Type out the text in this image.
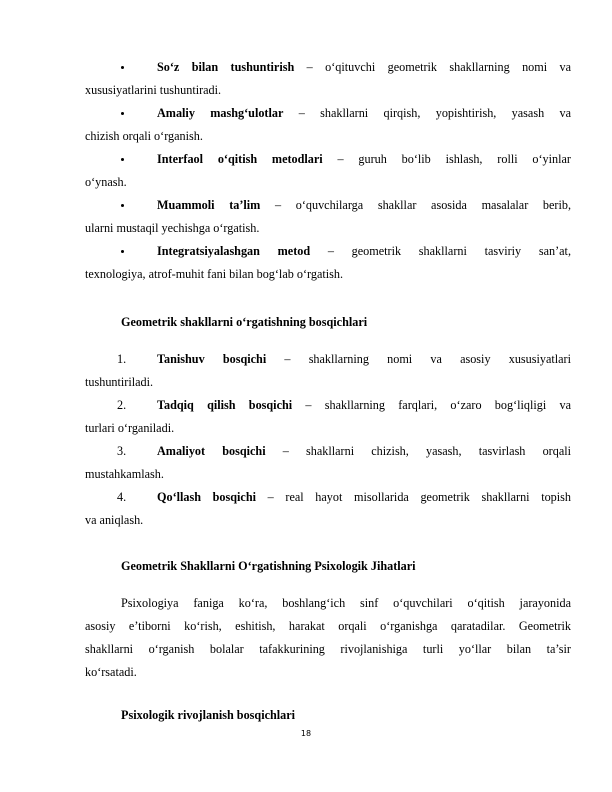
So‘z bilan tushuntirish – o‘qituvchi geometrik shakllarning nomi va
xususiyatlarini tushuntiradi.
Amaliy mashg‘ulotlar – shakllarni qirqish, yopishtirish, yasash va
chizish orqali o‘rganish.
Interfaol o‘qitish metodlari – guruh bo‘lib ishlash, rolli o‘yinlar
o‘ynash.
Muammoli ta’lim – o‘quvchilarga shakllar asosida masalalar berib,
ularni mustaqil yechishga o‘rgatish.
Integratsiyalashgan metod – geometrik shakllarni tasviriy san’at,
texnologiya, atrof-muhit fani bilan bog‘lab o‘rgatish.
Geometrik shakllarni o‘rgatishning bosqichlari
1.	Tanishuv bosqichi – shakllarning nomi va asosiy xususiyatlari
tushuntiriladi.
2.	Tadqiq qilish bosqichi – shakllarning farqlari, o‘zaro bog‘liqligi va
turlari o‘rganiladi.
3.	Amaliyot bosqichi – shakllarni chizish, yasash, tasvirlash orqali
mustahkamlash.
4.	Qo‘llash bosqichi – real hayot misollarida geometrik shakllarni topish
va aniqlash.
Geometrik Shakllarni O‘rgatishning Psixologik Jihatlari
Psixologiya faniga ko‘ra, boshlang‘ich sinf o‘quvchilari o‘qitish jarayonida
asosiy e’tiborni ko‘rish, eshitish, harakat orqali o‘rganishga qaratadilar. Geometrik
shakllarni o‘rganish bolalar tafakkurining rivojlanishiga turli yo‘llar bilan ta’sir
ko‘rsatadi.
Psixologik rivojlanish bosqichlari
18
